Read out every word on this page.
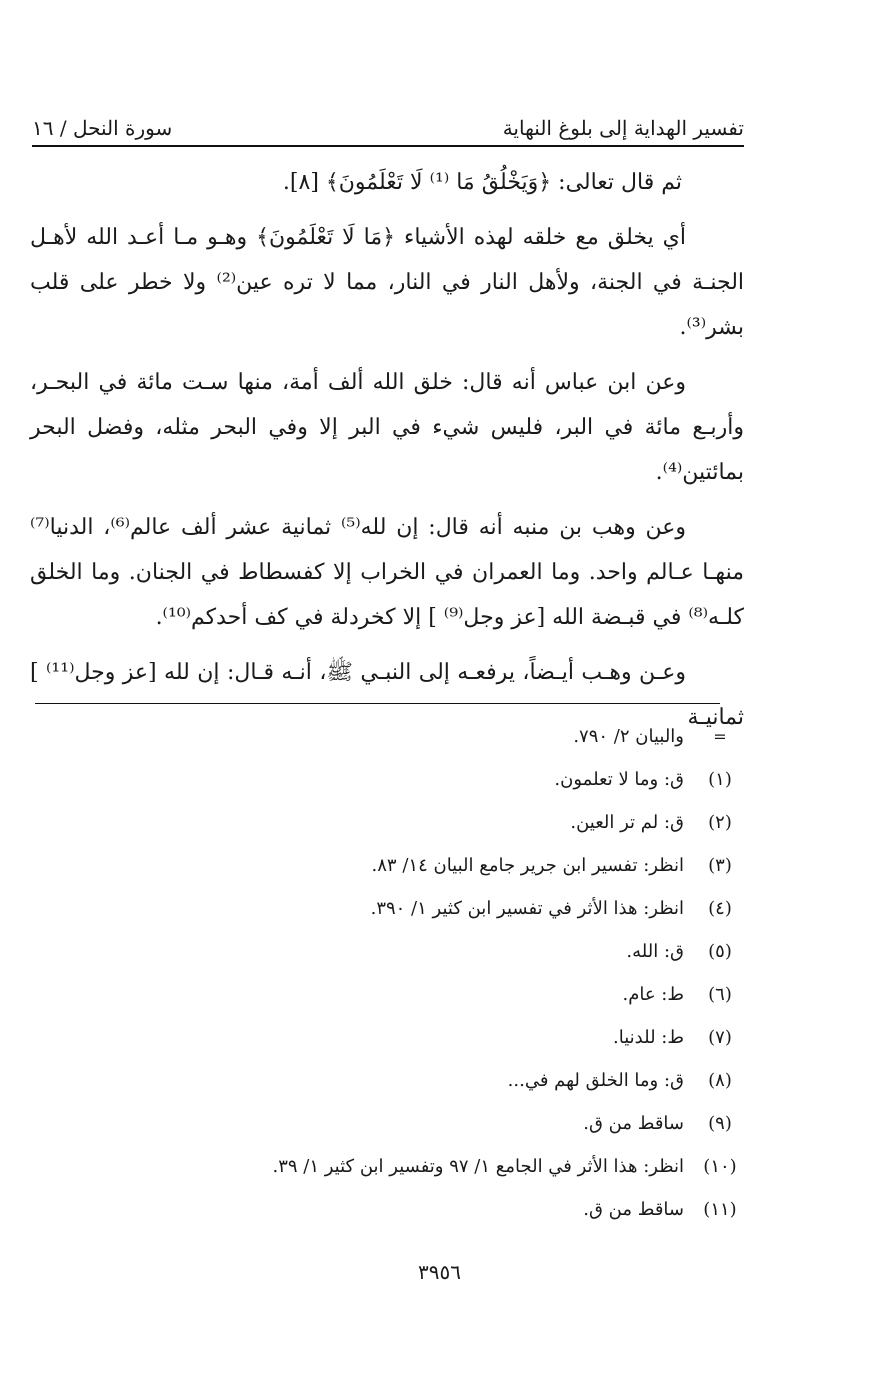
تفسير الهداية إلى بلوغ النهاية
سورة النحل / ١٦

ثم قال تعالى: ﴿وَيَخْلُقُ مَا ⁽¹⁾ لَا تَعْلَمُونَ﴾ [٨].

أي يخلق مع خلقه لهذه الأشياء ﴿مَا لَا تَعْلَمُونَ﴾ وهـو مـا أعـد الله لأهـل الجنـة في الجنة، ولأهل النار في النار، مما لا تره عين⁽²⁾ ولا خطر على قلب بشر⁽³⁾.

وعن ابن عباس أنه قال: خلق الله ألف أمة، منها سـت مائة في البحـر، وأربـع مائة في البر، فليس شيء في البر إلا وفي البحر مثله، وفضل البحر بمائتين⁽⁴⁾.

وعن وهب بن منبه أنه قال: إن لله⁽⁵⁾ ثمانية عشر ألف عالم⁽⁶⁾، الدنيا⁽⁷⁾ منهـا عـالم واحد. وما العمران في الخراب إلا كفسطاط في الجنان. وما الخلق كلـه⁽⁸⁾ في قبـضة الله [عز وجل⁽⁹⁾ ] إلا كخردلة في كف أحدكم⁽¹⁰⁾.

وعـن وهـب أيـضاً، يرفعـه إلى النبـي ﷺ، أنـه قـال: إن لله [عز وجل⁽¹¹⁾ ] ثمانيـة

=
والبيان ٢/ ٧٩٠.
(١)
ق: وما لا تعلمون.
(٢)
ق: لم تر العين.
(٣)
انظر: تفسير ابن جرير جامع البيان ١٤/ ٨٣.
(٤)
انظر: هذا الأثر في تفسير ابن كثير ١/ ٣٩٠.
(٥)
ق: الله.
(٦)
ط: عام.
(٧)
ط: للدنيا.
(٨)
ق: وما الخلق لهم في...
(٩)
ساقط من ق.
(١٠)
انظر: هذا الأثر في الجامع ١/ ٩٧ وتفسير ابن كثير ١/ ٣٩.
(١١)
ساقط من ق.
٣٩٥٦
